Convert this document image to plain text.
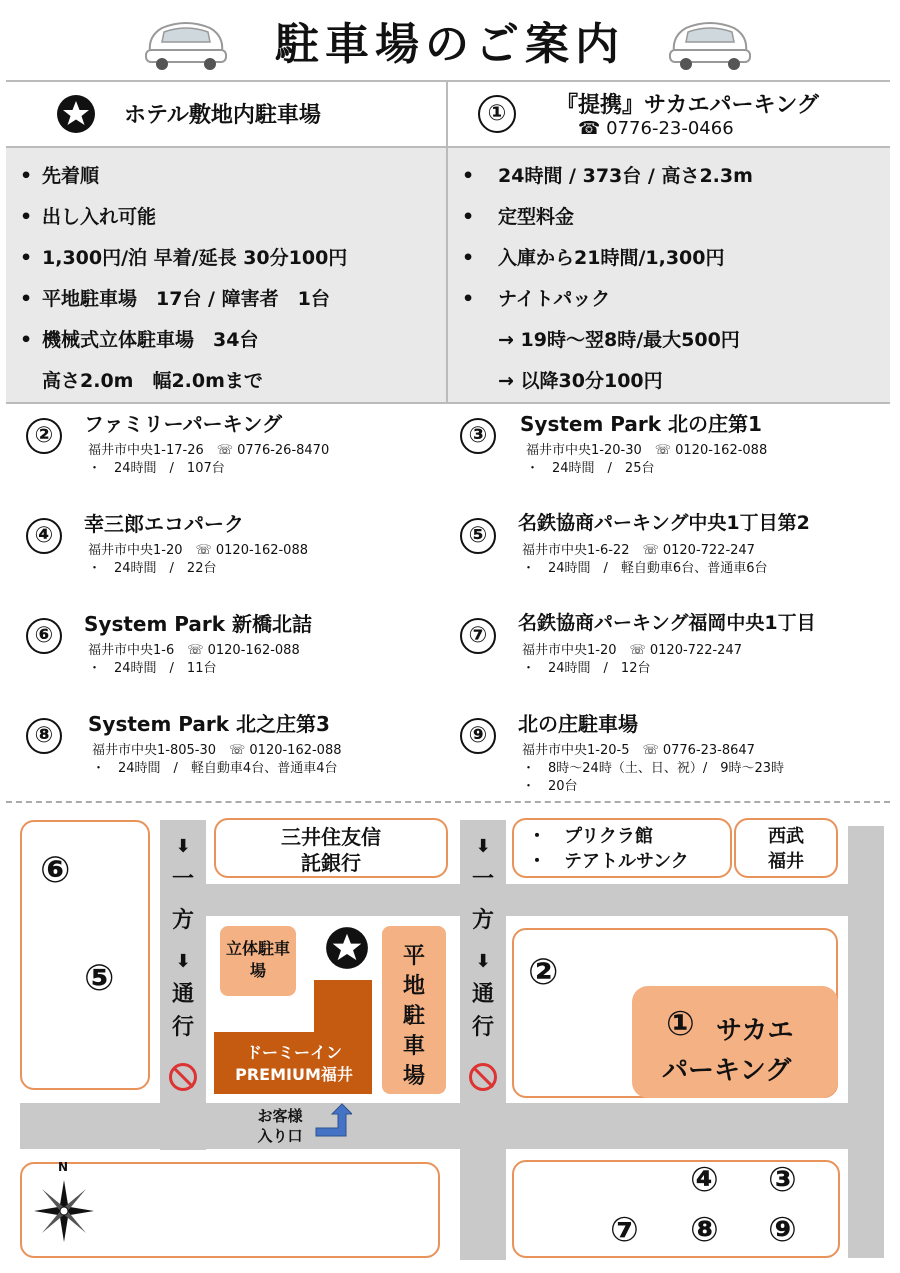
駐車場のご案内
ホテル敷地内駐車場	①	『提携』サカエパーキング
☎ 0776-23-0466
• 先着順
• 出し入れ可能
• 1,300円/泊 早着/延長 30分100円
• 平地駐車場　17台 / 障害者　1台
• 機械式立体駐車場　34台
高さ2.0m　幅2.0mまで
• 24時間 / 373台 / 高さ2.3m
• 定型料金
• 入庫から21時間/1,300円
• ナイトパック
→ 19時～翌8時/最大500円
→ 以降30分100円
②	ファミリーパーキング
福井市中央1-17-26　☏ 0776-26-8470
・　24時間　/　107台
③	System Park 北の庄第1
福井市中央1-20-30　☏ 0120-162-088
・　24時間　/　25台
④	幸三郎エコパーク
福井市中央1-20　☏ 0120-162-088
・　24時間　/　22台
⑤	名鉄協商パーキング中央1丁目第2
福井市中央1-6-22　☏ 0120-722-247
・　24時間　/　軽自動車6台、普通車6台
⑥	System Park 新橋北詰
福井市中央1-6　☏ 0120-162-088
・　24時間　/　11台
⑦	名鉄協商パーキング福岡中央1丁目
福井市中央1-20　☏ 0120-722-247
・　24時間　/　12台
⑧	System Park 北之庄第3
福井市中央1-805-30　☏ 0120-162-088
・　24時間　/　軽自動車4台、普通車4台
⑨	北の庄駐車場
福井市中央1-20-5　☏ 0776-23-8647
・　8時～24時（土、日、祝）/　9時～23時
・　20台
⑥
⑤
三井住友信託銀行
・　プリクラ館
・　テアトルサンク
西武福井
⬇
一
方
⬇
通
行
⬇
一
方
⬇
通
行
立体駐車場
ドーミーイン
PREMIUM福井
平地駐車場
お客様入り口
②
① サカエ
パーキング
N	④ ③
⑦ ⑧ ⑨
